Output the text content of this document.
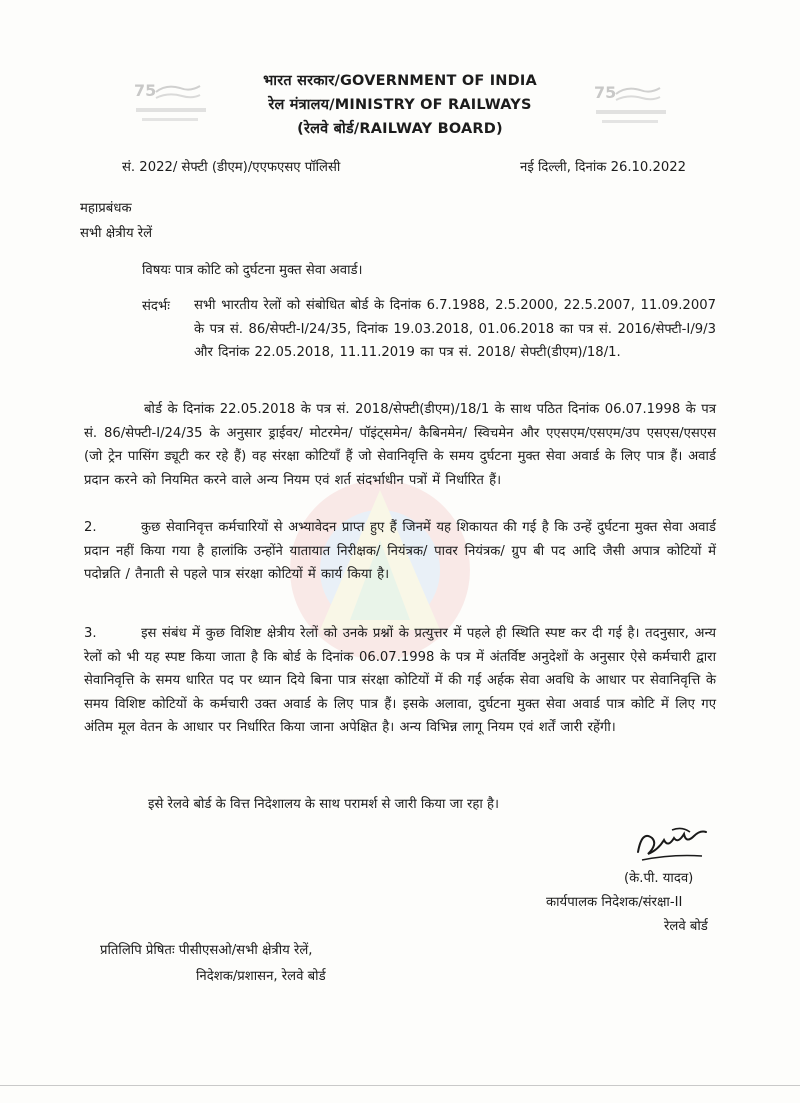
75	75
भारत सरकार/GOVERNMENT OF INDIA
रेल मंत्रालय/MINISTRY OF RAILWAYS
(रेलवे बोर्ड/RAILWAY BOARD)
सं. 2022/ सेफ्टी (डीएम)/एएफएसए पॉलिसी	नई दिल्ली, दिनांक 26.10.2022
महाप्रबंधक
सभी क्षेत्रीय रेलें
विषयः पात्र कोटि को दुर्घटना मुक्त सेवा अवार्ड।
संदर्भः सभी भारतीय रेलों को संबोधित बोर्ड के दिनांक 6.7.1988, 2.5.2000, 22.5.2007, 11.09.2007 के पत्र सं. 86/सेफ्टी-I/24/35, दिनांक 19.03.2018, 01.06.2018 का पत्र सं. 2016/सेफ्टी-I/9/3 और दिनांक 22.05.2018, 11.11.2019 का पत्र सं. 2018/ सेफ्टी(डीएम)/18/1.
बोर्ड के दिनांक 22.05.2018 के पत्र सं. 2018/सेफ्टी(डीएम)/18/1 के साथ पठित दिनांक 06.07.1998 के पत्र सं. 86/सेफ्टी-I/24/35 के अनुसार ड्राईवर/ मोटरमेन/ पॉइंट्समेन/ कैबिनमेन/ स्विचमेन और एएसएम/एसएम/उप एसएस/एसएस (जो ट्रेन पासिंग ड्यूटी कर रहे हैं) वह संरक्षा कोटियाँ हैं जो सेवानिवृत्ति के समय दुर्घटना मुक्त सेवा अवार्ड के लिए पात्र हैं। अवार्ड प्रदान करने को नियमित करने वाले अन्य नियम एवं शर्त संदर्भाधीन पत्रों में निर्धारित हैं।
2.        कुछ सेवानिवृत्त कर्मचारियों से अभ्यावेदन प्राप्त हुए हैं जिनमें यह शिकायत की गई है कि उन्हें दुर्घटना मुक्त सेवा अवार्ड प्रदान नहीं किया गया है हालांकि उन्होंने यातायात निरीक्षक/ नियंत्रक/ पावर नियंत्रक/ ग्रुप बी पद आदि जैसी अपात्र कोटियों में पदोन्नति / तैनाती से पहले पात्र संरक्षा कोटियों में कार्य किया है।
3.        इस संबंध में कुछ विशिष्ट क्षेत्रीय रेलों को उनके प्रश्नों के प्रत्युत्तर में पहले ही स्थिति स्पष्ट कर दी गई है। तदनुसार, अन्य रेलों को भी यह स्पष्ट किया जाता है कि बोर्ड के दिनांक 06.07.1998 के पत्र में अंतर्विष्ट अनुदेशों के अनुसार ऐसे कर्मचारी द्वारा सेवानिवृत्ति के समय धारित पद पर ध्यान दिये बिना पात्र संरक्षा कोटियों में की गई अर्हक सेवा अवधि के आधार पर सेवानिवृत्ति के समय विशिष्ट कोटियों के कर्मचारी उक्त अवार्ड के लिए पात्र हैं। इसके अलावा, दुर्घटना मुक्त सेवा अवार्ड पात्र कोटि में लिए गए अंतिम मूल वेतन के आधार पर निर्धारित किया जाना अपेक्षित है। अन्य विभिन्न लागू नियम एवं शर्तें जारी रहेंगी।
इसे रेलवे बोर्ड के वित्त निदेशालय के साथ परामर्श से जारी किया जा रहा है।
(के.पी. यादव)
कार्यपालक निदेशक/संरक्षा-II
रेलवे बोर्ड
प्रतिलिपि प्रेषितः पीसीएसओ/सभी क्षेत्रीय रेलें,
निदेशक/प्रशासन, रेलवे बोर्ड
